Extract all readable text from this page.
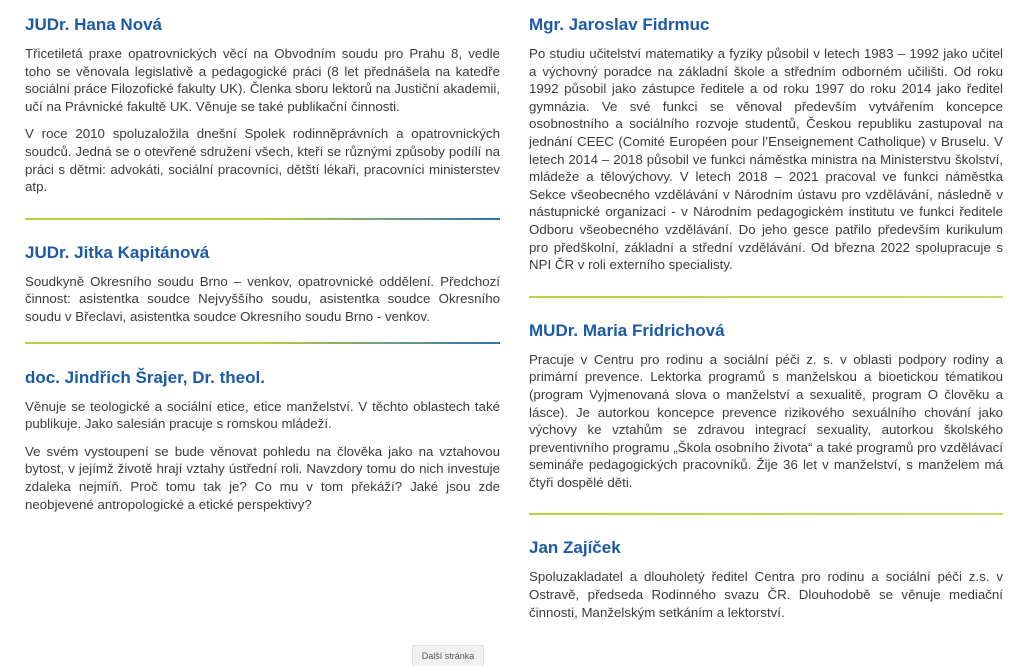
JUDr. Hana Nová

Třicetiletá praxe opatrovnických věcí na Obvodním soudu pro Prahu 8, vedle toho se věnovala legislativě a pedagogické práci (8 let přednášela na katedře sociální práce Filozofické fakulty UK). Členka sboru lektorů na Justiční akademii, učí na Právnické fakultě UK. Věnuje se také publikační činnosti.

V roce 2010 spoluzaložila dnešní Spolek rodinněprávních a opatrovnických soudců. Jedná se o otevřené sdružení všech, kteří se různými způsoby podílí na práci s dětmi: advokáti, sociální pracovníci, dětští lékaři, pracovníci ministerstev atp.

JUDr. Jitka Kapitánová

Soudkyně Okresního soudu Brno – venkov, opatrovnické oddělení. Předchozí činnost: asistentka soudce Nejvyššího soudu, asistentka soudce Okresního soudu v Břeclavi, asistentka soudce Okresního soudu Brno - venkov.

doc. Jindřich Šrajer, Dr. theol.

Věnuje se teologické a sociální etice, etice manželství. V těchto oblastech také publikuje. Jako salesián pracuje s romskou mládeží.

Ve svém vystoupení se bude věnovat pohledu na člověka jako na vztahovou bytost, v jejímž životě hrají vztahy ústřední roli. Navzdory tomu do nich investuje zdaleka nejmíň. Proč tomu tak je? Co mu v tom překáží? Jaké jsou zde neobjevené antropologické a etické perspektivy?

Mgr. Jaroslav Fidrmuc

Po studiu učitelství matematiky a fyziky působil v letech 1983 – 1992 jako učitel a výchovný poradce na základní škole a středním odborném učilišti. Od roku 1992 působil jako zástupce ředitele a od roku 1997 do roku 2014 jako ředitel gymnázia. Ve své funkci se věnoval především vytvářením koncepce osobnostního a sociálního rozvoje studentů, Českou republiku zastupoval na jednání CEEC (Comité Européen pour l’Enseignement Catholique) v Bruselu. V letech 2014 – 2018 působil ve funkci náměstka ministra na Ministerstvu školství, mládeže a tělovýchovy. V letech 2018 – 2021 pracoval ve funkci náměstka Sekce všeobecného vzdělávání v Národním ústavu pro vzdělávání, následně v nástupnické organizaci - v Národním pedagogickém institutu ve funkci ředitele Odboru všeobecného vzdělávání. Do jeho gesce patřilo především kurikulum pro předškolní, základní a střední vzdělávání. Od března 2022 spolupracuje s NPI ČR v roli externího specialisty.

MUDr. Maria Fridrichová

Pracuje v Centru pro rodinu a sociální péči z. s. v oblasti podpory rodiny a primární prevence. Lektorka programů s manželskou a bioetickou tématikou (program Vyjmenovaná slova o manželství a sexualitě, program O člověku a lásce). Je autorkou koncepce prevence rizikového sexuálního chování jako výchovy ke vztahům se zdravou integrací sexuality, autorkou školského preventivního programu „Škola osobního života“ a také programů pro vzdělávací semináře pedagogických pracovníků. Žije 36 let v manželství, s manželem má čtyři dospělé děti.

Jan Zajíček

Spoluzakladatel a dlouholetý ředitel Centra pro rodinu a sociální péči z.s. v Ostravě, předseda Rodinného svazu ČR. Dlouhodobě se věnuje mediační činnosti, Manželským setkáním a lektorství.

Další stránka
